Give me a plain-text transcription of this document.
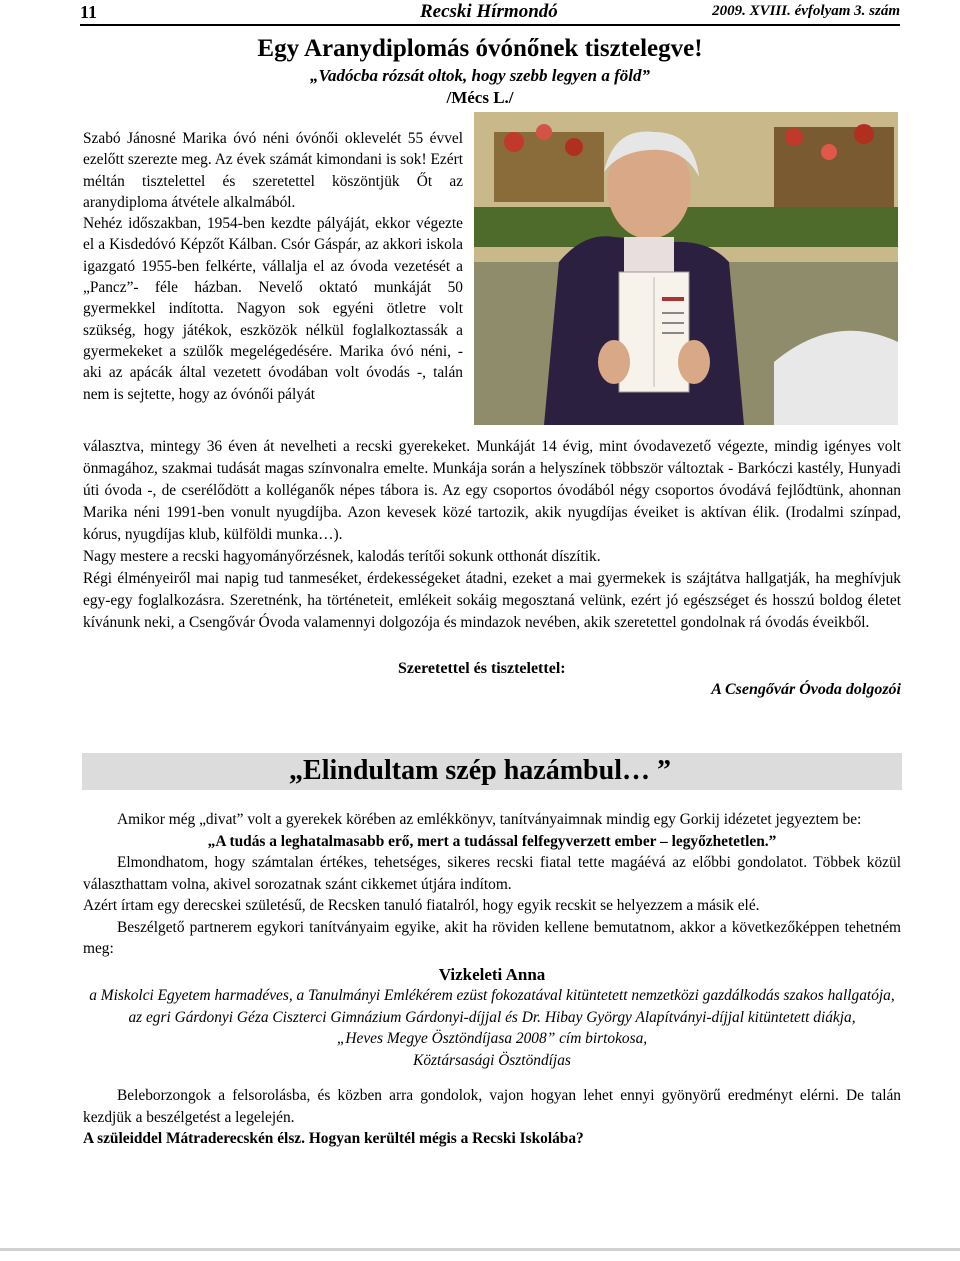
11	Recski Hírmondó	2009. XVIII. évfolyam 3. szám
Egy Aranydiplomás óvónőnek tisztelegve!
„Vadócba rózsát oltok, hogy szebb legyen a föld”
/Mécs L./

Szabó Jánosné Marika óvó néni óvónői oklevelét 55 évvel ezelőtt szerezte meg. Az évek számát kimondani is sok! Ezért méltán tisztelettel és szeretettel köszöntjük Őt az aranydiploma átvétele alkalmából.

Nehéz időszakban, 1954-ben kezdte pályáját, ekkor végezte el a Kisdedóvó Képzőt Kálban. Csór Gáspár, az akkori iskola igazgató 1955-ben felkérte, vállalja el az óvoda vezetését a „Pancz”- féle házban. Nevelő oktató munkáját 50 gyermekkel indította. Nagyon sok egyéni ötletre volt szükség, hogy játékok, eszközök nélkül foglalkoztassák a gyermekeket a szülők megelégedésére. Marika óvó néni, - aki az apácák által vezetett óvodában volt óvodás -, talán nem is sejtette, hogy az óvónői pályát

választva, mintegy 36 éven át nevelheti a recski gyerekeket. Munkáját 14 évig, mint óvodavezető végezte, mindig igényes volt önmagához, szakmai tudását magas színvonalra emelte. Munkája során a helyszínek többször változtak - Barkóczi kastély, Hunyadi úti óvoda -, de cserélődött a kolléganők népes tábora is. Az egy csoportos óvodából négy csoportos óvodává fejlődtünk, ahonnan Marika néni 1991-ben vonult nyugdíjba. Azon kevesek közé tartozik, akik nyugdíjas éveiket is aktívan élik. (Irodalmi színpad, kórus, nyugdíjas klub, külföldi munka…).

Nagy mestere a recski hagyományőrzésnek, kalodás terítői sokunk otthonát díszítik.

Régi élményeiről mai napig tud tanmeséket, érdekességeket átadni, ezeket a mai gyermekek is szájtátva hallgatják, ha meghívjuk egy-egy foglalkozásra. Szeretnénk, ha történeteit, emlékeit sokáig megosztaná velünk, ezért jó egészséget és hosszú boldog életet kívánunk neki, a Csengővár Óvoda valamennyi dolgozója és mindazok nevében, akik szeretettel gondolnak rá óvodás éveikből.

Szeretettel és tisztelettel:
A Csengővár Óvoda dolgozói
„Elindultam szép hazámbul… ”

Amikor még „divat” volt a gyerekek körében az emlékkönyv, tanítványaimnak mindig egy Gorkij idézetet jegyeztem be:

„A tudás a leghatalmasabb erő, mert a tudással felfegyverzett ember – legyőzhetetlen.”

Elmondhatom, hogy számtalan értékes, tehetséges, sikeres recski fiatal tette magáévá az előbbi gondolatot. Többek közül választhattam volna, akivel sorozatnak szánt cikkemet útjára indítom.

Azért írtam egy derecskei születésű, de Recsken tanuló fiatalról, hogy egyik recskit se helyezzem a másik elé.

Beszélgető partnerem egykori tanítványaim egyike, akit ha röviden kellene bemutatnom, akkor a következőképpen tehetném meg:

Vizkeleti Anna

a Miskolci Egyetem harmadéves, a Tanulmányi Emlékérem ezüst fokozatával kitüntetett nemzetközi gazdálkodás szakos hallgatója,

az egri Gárdonyi Géza Ciszterci Gimnázium Gárdonyi-díjjal és Dr. Hibay György Alapítványi-díjjal kitüntetett diákja,

„Heves Megye Ösztöndíjasa 2008” cím birtokosa,

Köztársasági Ösztöndíjas

Beleborzongok a felsorolásba, és közben arra gondolok, vajon hogyan lehet ennyi gyönyörű eredményt elérni. De talán kezdjük a beszélgetést a legelején.

A szüleiddel Mátraderecskén élsz. Hogyan kerültél mégis a Recski Iskolába?
